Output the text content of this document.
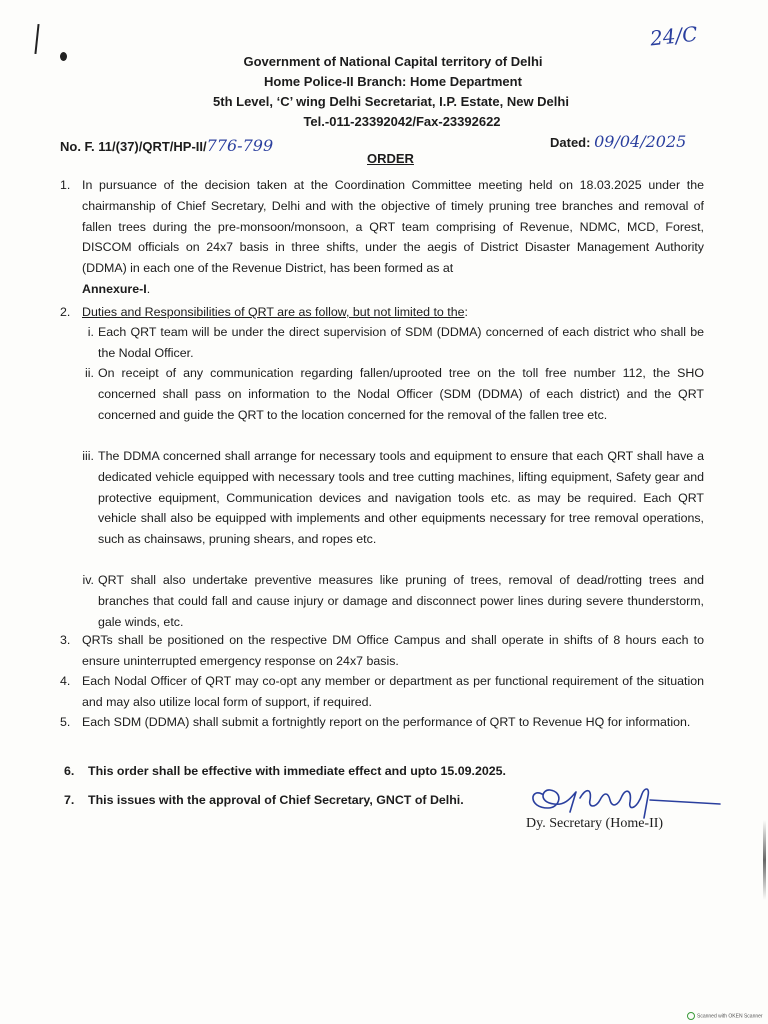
24/C
Government of National Capital territory of Delhi
Home Police-II Branch: Home Department
5th Level, ‘C’ wing Delhi Secretariat, I.P. Estate, New Delhi
Tel.-011-23392042/Fax-23392622
No. F. 11/(37)/QRT/HP-II/776-799	Dated: 09/04/2025
ORDER
1. In pursuance of the decision taken at the Coordination Committee meeting held on 18.03.2025 under the chairmanship of Chief Secretary, Delhi and with the objective of timely pruning tree branches and removal of fallen trees during the pre-monsoon/monsoon, a QRT team comprising of Revenue, NDMC, MCD, Forest, DISCOM officials on 24x7 basis in three shifts, under the aegis of District Disaster Management Authority (DDMA) in each one of the Revenue District, has been formed as at
Annexure-I.
2. Duties and Responsibilities of QRT are as follow, but not limited to the:
i. Each QRT team will be under the direct supervision of SDM (DDMA) concerned of each district who shall be the Nodal Officer.
ii. On receipt of any communication regarding fallen/uprooted tree on the toll free number 112, the SHO concerned shall pass on information to the Nodal Officer (SDM (DDMA) of each district) and the QRT concerned and guide the QRT to the location concerned for the removal of the fallen tree etc.
iii. The DDMA concerned shall arrange for necessary tools and equipment to ensure that each QRT shall have a dedicated vehicle equipped with necessary tools and tree cutting machines, lifting equipment, Safety gear and protective equipment, Communication devices and navigation tools etc. as may be required. Each QRT vehicle shall also be equipped with implements and other equipments necessary for tree removal operations, such as chainsaws, pruning shears, and ropes etc.
iv. QRT shall also undertake preventive measures like pruning of trees, removal of dead/rotting trees and branches that could fall and cause injury or damage and disconnect power lines during severe thunderstorm, gale winds, etc.
3. QRTs shall be positioned on the respective DM Office Campus and shall operate in shifts of 8 hours each to ensure uninterrupted emergency response on 24x7 basis.
4. Each Nodal Officer of QRT may co-opt any member or department as per functional requirement of the situation and may also utilize local form of support, if required.
5. Each SDM (DDMA) shall submit a fortnightly report on the performance of QRT to Revenue HQ for information.
6. This order shall be effective with immediate effect and upto 15.09.2025.
7. This issues with the approval of Chief Secretary, GNCT of Delhi.
Dy. Secretary (Home-II)
Scanned with OKEN Scanner
